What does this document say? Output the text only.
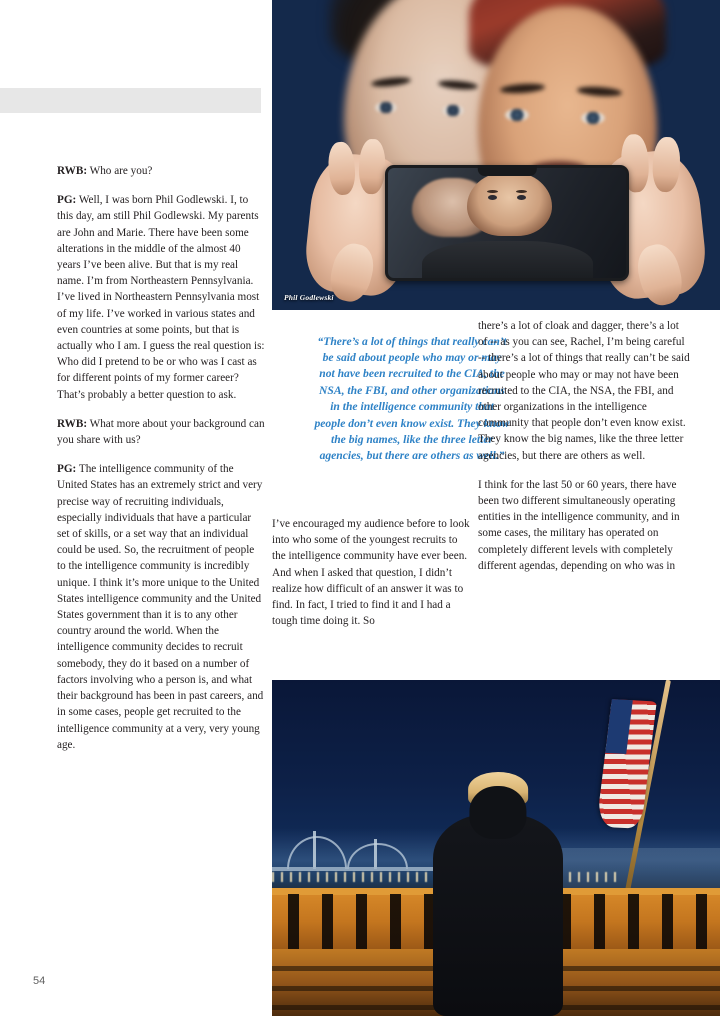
Phil Godlewski
“There’s a lot of things that really can’t be said about people who may or may not have been recruited to the CIA, the NSA, the FBI, and other organizations in the intelligence community that people don’t even know exist. They know the big names, like the three letter agencies, but there are others as well.”

RWB: Who are you?

PG: Well, I was born Phil Godlewski. I, to this day, am still Phil Godlewski. My parents are John and Marie. There have been some alterations in the middle of the almost 40 years I’ve been alive. But that is my real name. I’m from Northeastern Pennsylvania. I’ve lived in Northeastern Pennsylvania most of my life. I’ve worked in various states and even countries at some points, but that is actually who I am. I guess the real question is: Who did I pretend to be or who was I cast as for different points of my former career? That’s probably a better question to ask.

RWB: What more about your background can you share with us?

PG: The intelligence community of the United States has an extremely strict and very precise way of recruiting individuals, especially individuals that have a particular set of skills, or a set way that an individual could be used. So, the recruitment of people to the intelligence community is incredibly unique. I think it’s more unique to the United States intelligence community and the United States government than it is to any other country around the world. When the intelligence community decides to recruit somebody, they do it based on a number of factors involving who a person is, and what their background has been in past careers, and in some cases, people get recruited to the intelligence community at a very, very young age.

I’ve encouraged my audience before to look into who some of the youngest recruits to the intelligence community have ever been. And when I asked that question, I didn’t realize how difficult of an answer it was to find. In fact, I tried to find it and I had a tough time doing it. So

there’s a lot of cloak and dagger, there’s a lot of -- as you can see, Rachel, I’m being careful -- there’s a lot of things that really can’t be said about people who may or may not have been recruited to the CIA, the NSA, the FBI, and other organizations in the intelligence community that people don’t even know exist. They know the big names, like the three letter agencies, but there are others as well.

I think for the last 50 or 60 years, there have been two different simultaneously operating entities in the intelligence community, and in some cases, the military has operated on completely different levels with completely different agendas, depending on who was in

54
